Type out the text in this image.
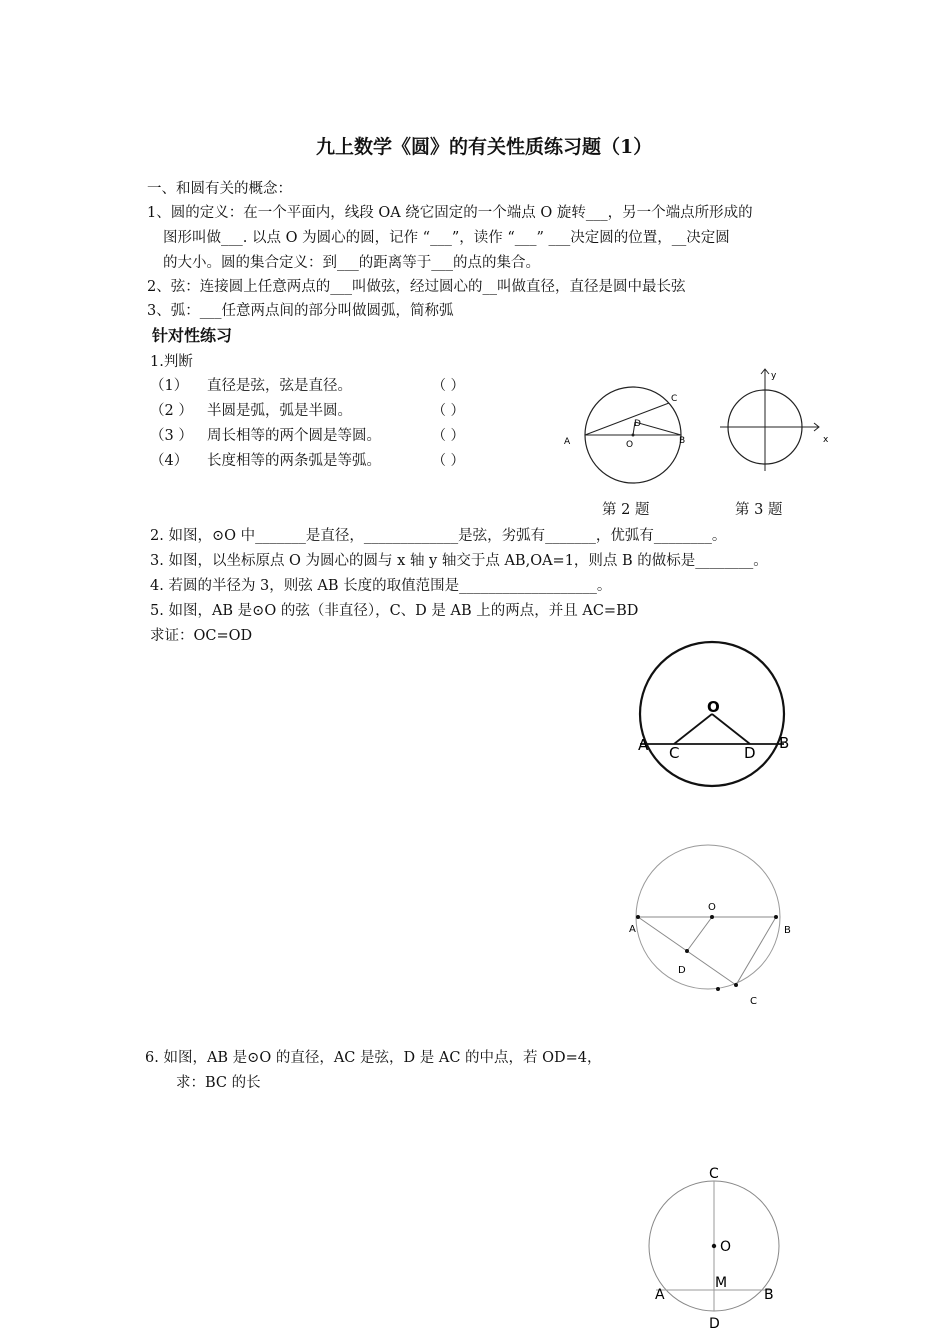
九上数学《圆》的有关性质练习题（1）
一、和圆有关的概念：
1、圆的定义：在一个平面内，线段 OA 绕它固定的一个端点 O 旋转___，另一个端点所形成的
图形叫做___. 以点 O 为圆心的圆，记作 “___”，读作 “___” ___决定圆的位置，__决定圆
的大小。圆的集合定义：到___的距离等于___的点的集合。
2、弦：连接圆上任意两点的___叫做弦，经过圆心的__叫做直径，直径是圆中最长弦
3、弧：___任意两点间的部分叫做圆弧，简称弧
针对性练习
1.判断
（1） 直径是弦，弦是直径。	（ ）
（2 ） 半圆是弧，弧是半圆。	（ ）
（3 ） 周长相等的两个圆是等圆。	（ ）
（4） 长度相等的两条弧是等弧。	（ ）
A	B
C
D
O	x
y
第 2 题	第 3 题
2. 如图，⊙O 中_______是直径，_____________是弦，劣弧有_______，优弧有________。
3. 如图，以坐标原点 O 为圆心的圆与 x 轴 y 轴交于点 AB,OA=1，则点 B 的做标是________。
4. 若圆的半径为 3，则弦 AB 长度的取值范围是___________________。
5. 如图，AB 是⊙O 的弦（非直径），C、D 是 AB 上的两点，并且 AC=BD
求证：OC=OD
O
A	B
C	D
O
A	B
D
C
6. 如图，AB 是⊙O 的直径，AC 是弦，D 是 AC 的中点，若 OD=4，
求：BC 的长
C
O
M
A	B
D
